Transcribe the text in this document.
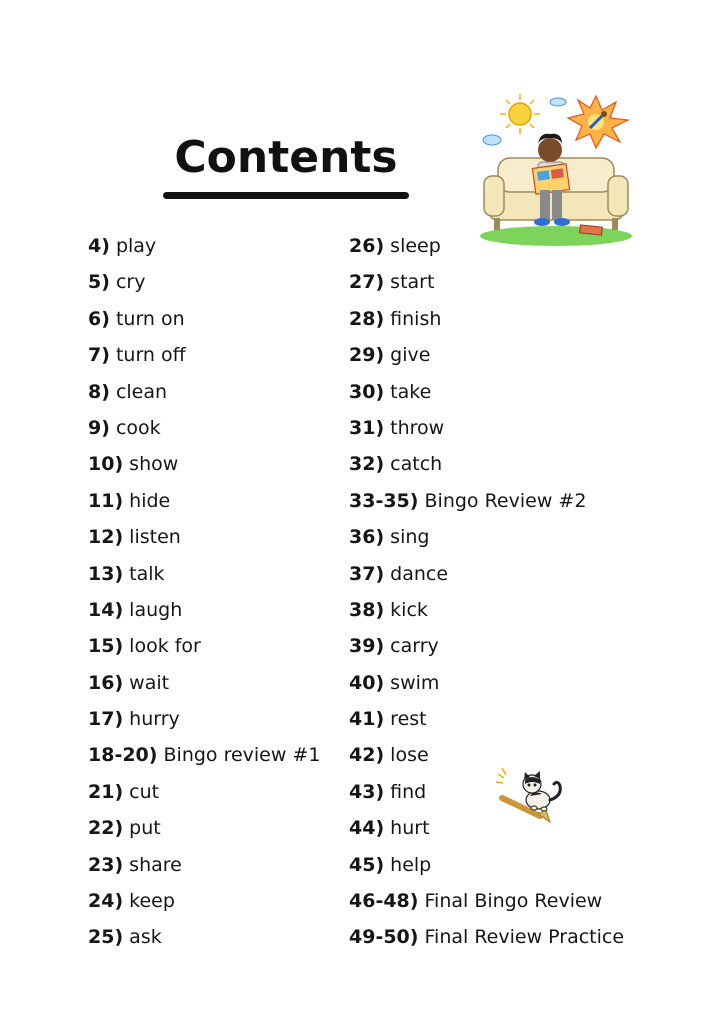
Contents
4) play
5) cry
6) turn on
7) turn off
8) clean
9) cook
10) show
11) hide
12) listen
13) talk
14) laugh
15) look for
16) wait
17) hurry
18-20) Bingo review #1
21) cut
22) put
23) share
24) keep
25) ask
26) sleep
27) start
28) finish
29) give
30) take
31) throw
32) catch
33-35) Bingo Review #2
36) sing
37) dance
38) kick
39) carry
40) swim
41) rest
42) lose
43) find
44) hurt
45) help
46-48) Final Bingo Review
49-50) Final Review Practice
